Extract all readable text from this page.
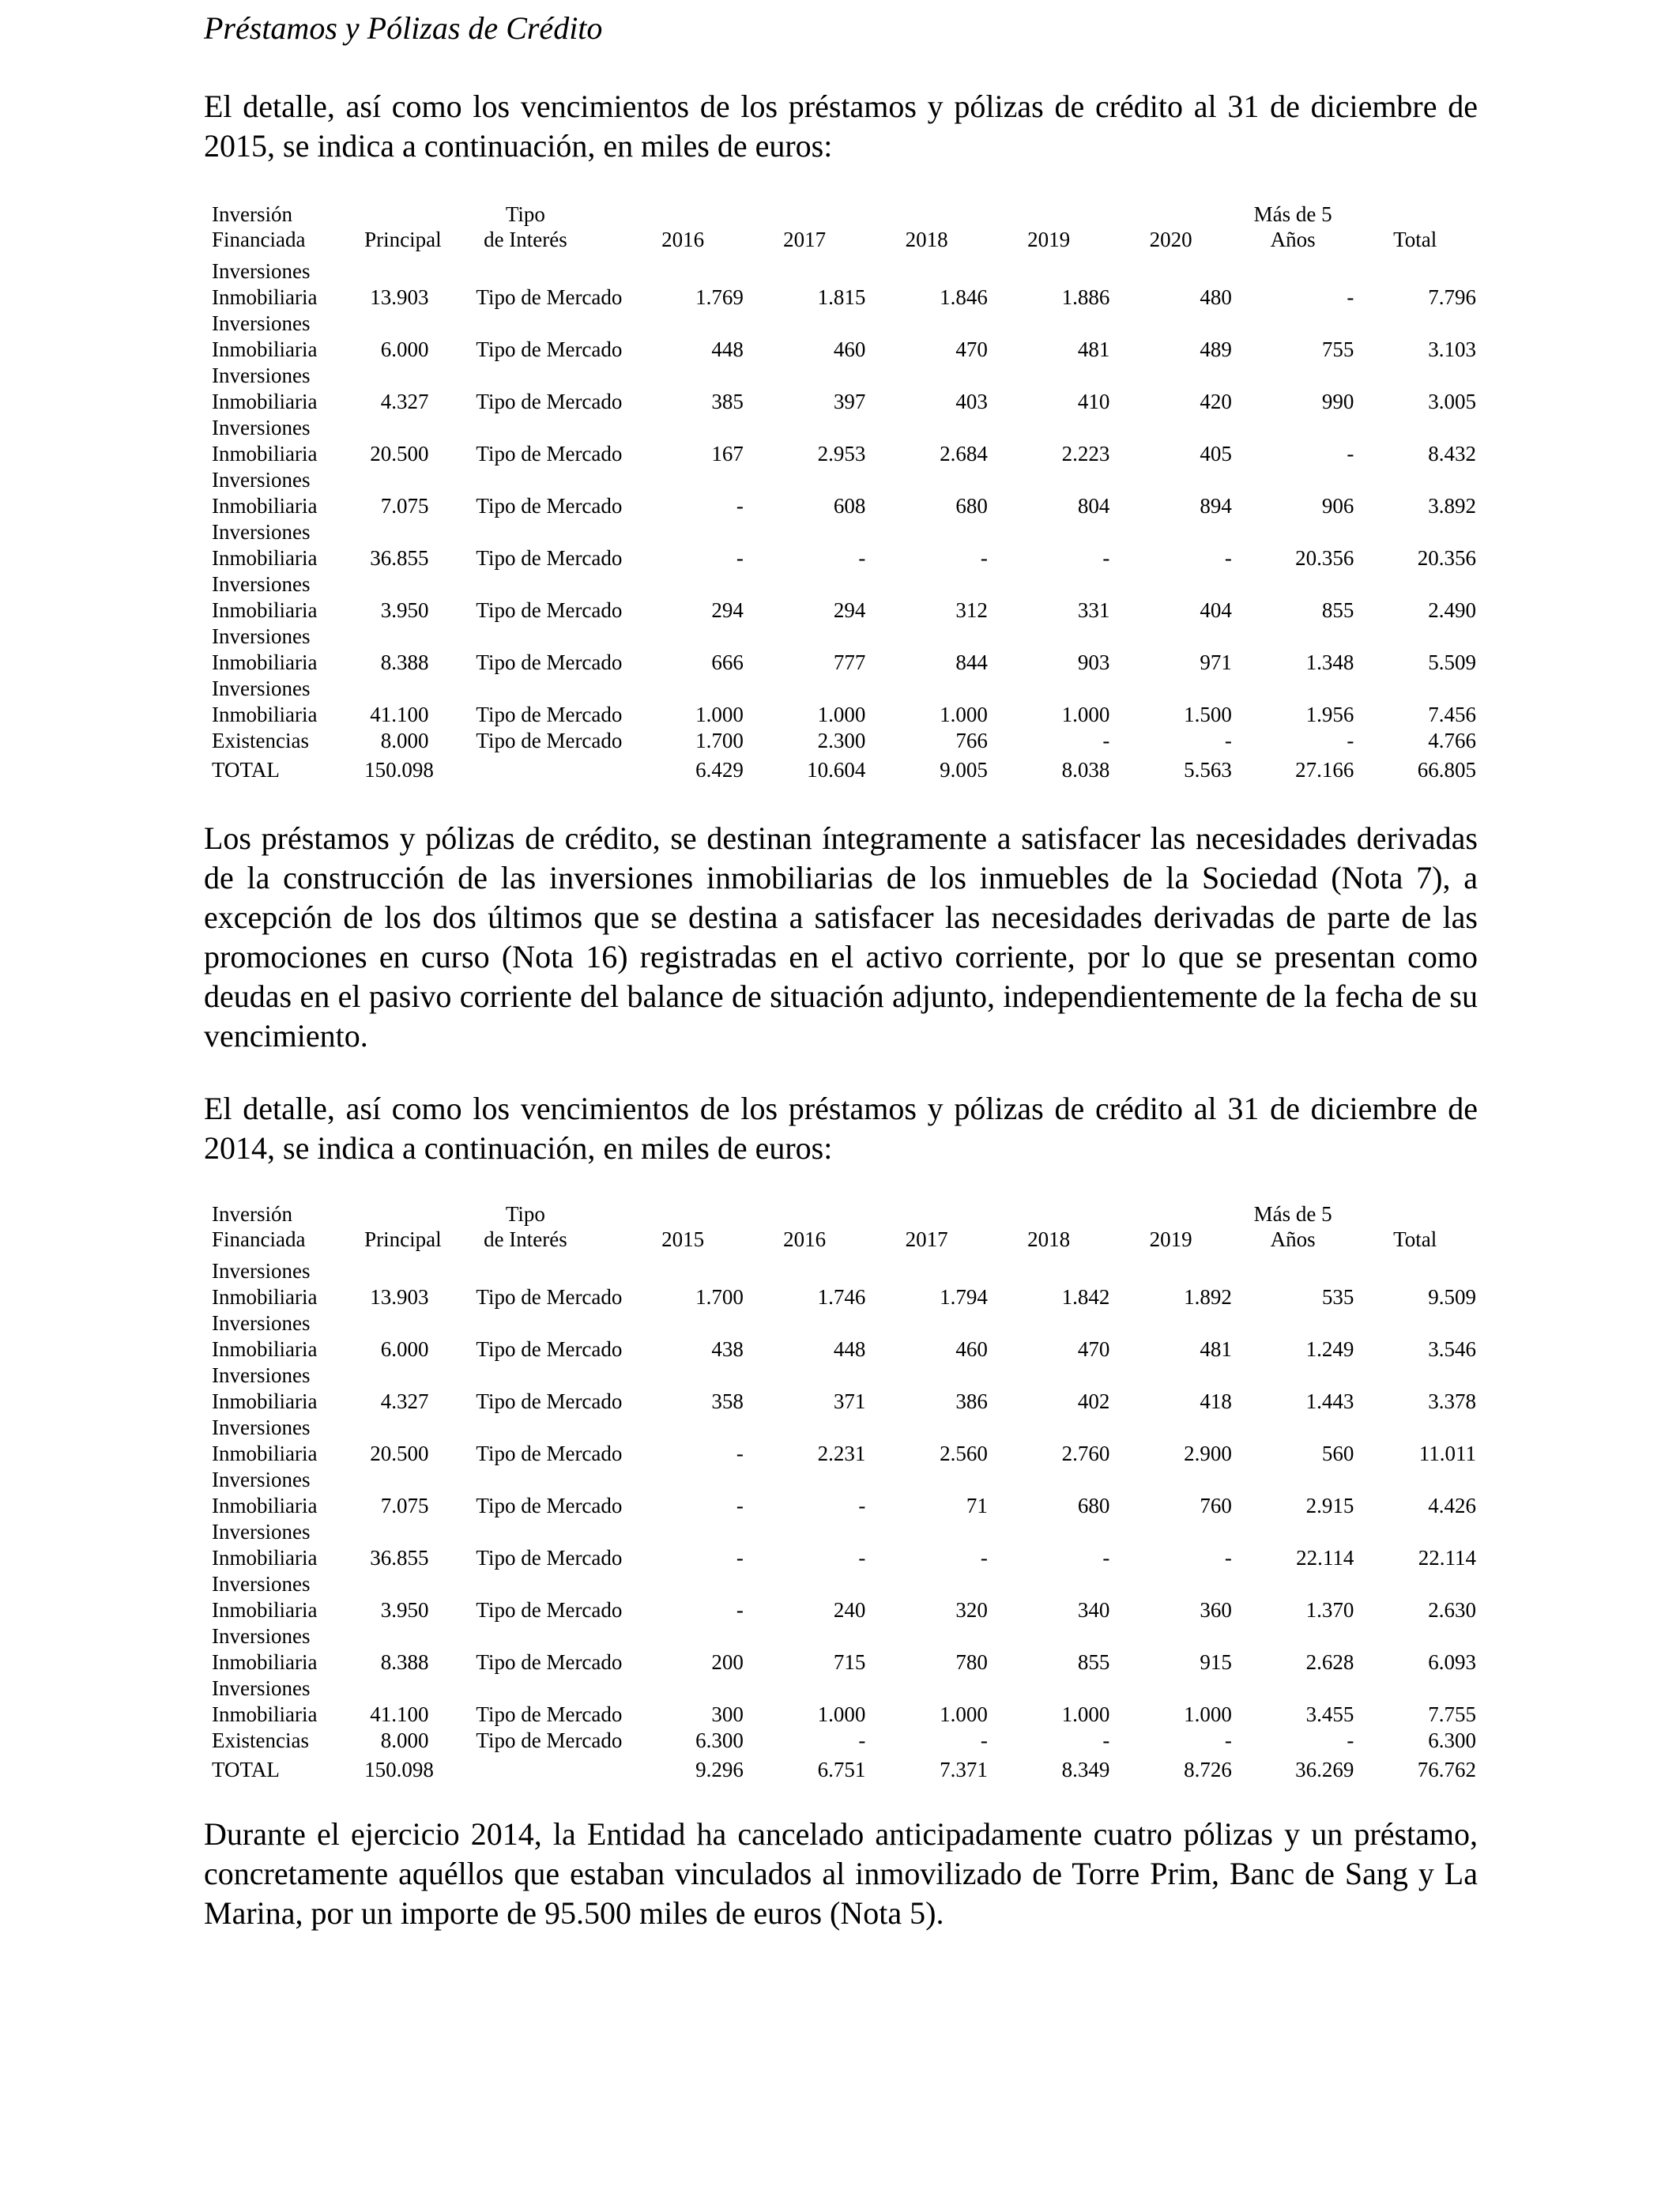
Préstamos y Pólizas de Crédito

El detalle, así como los vencimientos de los préstamos y pólizas de crédito al 31 de diciembre de 2015, se indica a continuación, en miles de euros:

Inversión
Financiada	Principal	Tipo
de Interés	2016	2017	2018	2019	2020	Más de 5
Años	Total

Inversiones
Inmobiliaria	13.903	Tipo de Mercado	1.769	1.815	1.846	1.886	480	-	7.796

Inversiones
Inmobiliaria	6.000	Tipo de Mercado	448	460	470	481	489	755	3.103

Inversiones
Inmobiliaria	4.327	Tipo de Mercado	385	397	403	410	420	990	3.005

Inversiones
Inmobiliaria	20.500	Tipo de Mercado	167	2.953	2.684	2.223	405	-	8.432

Inversiones
Inmobiliaria	7.075	Tipo de Mercado	-	608	680	804	894	906	3.892

Inversiones
Inmobiliaria	36.855	Tipo de Mercado	-	-	-	-	-	20.356	20.356

Inversiones
Inmobiliaria	3.950	Tipo de Mercado	294	294	312	331	404	855	2.490

Inversiones
Inmobiliaria	8.388	Tipo de Mercado	666	777	844	903	971	1.348	5.509

Inversiones
Inmobiliaria	41.100	Tipo de Mercado	1.000	1.000	1.000	1.000	1.500	1.956	7.456

Existencias	8.000	Tipo de Mercado	1.700	2.300	766	-	-	-	4.766
TOTAL	150.098		6.429	10.604	9.005	8.038	5.563	27.166	66.805

Los préstamos y pólizas de crédito, se destinan íntegramente a satisfacer las necesidades derivadas de la construcción de las inversiones inmobiliarias de los inmuebles de la Sociedad (Nota 7), a excepción de los dos últimos que se destina a satisfacer las necesidades derivadas de parte de las promociones en curso (Nota 16) registradas en el activo corriente, por lo que se presentan como deudas en el pasivo corriente del balance de situación adjunto, independientemente de la fecha de su vencimiento.

El detalle, así como los vencimientos de los préstamos y pólizas de crédito al 31 de diciembre de 2014, se indica a continuación, en miles de euros:

Inversión
Financiada	Principal	Tipo
de Interés	2015	2016	2017	2018	2019	Más de 5
Años	Total

Inversiones
Inmobiliaria	13.903	Tipo de Mercado	1.700	1.746	1.794	1.842	1.892	535	9.509

Inversiones
Inmobiliaria	6.000	Tipo de Mercado	438	448	460	470	481	1.249	3.546

Inversiones
Inmobiliaria	4.327	Tipo de Mercado	358	371	386	402	418	1.443	3.378

Inversiones
Inmobiliaria	20.500	Tipo de Mercado	-	2.231	2.560	2.760	2.900	560	11.011

Inversiones
Inmobiliaria	7.075	Tipo de Mercado	-	-	71	680	760	2.915	4.426

Inversiones
Inmobiliaria	36.855	Tipo de Mercado	-	-	-	-	-	22.114	22.114

Inversiones
Inmobiliaria	3.950	Tipo de Mercado	-	240	320	340	360	1.370	2.630

Inversiones
Inmobiliaria	8.388	Tipo de Mercado	200	715	780	855	915	2.628	6.093

Inversiones
Inmobiliaria	41.100	Tipo de Mercado	300	1.000	1.000	1.000	1.000	3.455	7.755

Existencias	8.000	Tipo de Mercado	6.300	-	-	-	-	-	6.300
TOTAL	150.098		9.296	6.751	7.371	8.349	8.726	36.269	76.762

Durante el ejercicio 2014, la Entidad ha cancelado anticipadamente cuatro pólizas y un préstamo, concretamente aquéllos que estaban vinculados al inmovilizado de Torre Prim, Banc de Sang y La Marina, por un importe de 95.500 miles de euros (Nota 5).
